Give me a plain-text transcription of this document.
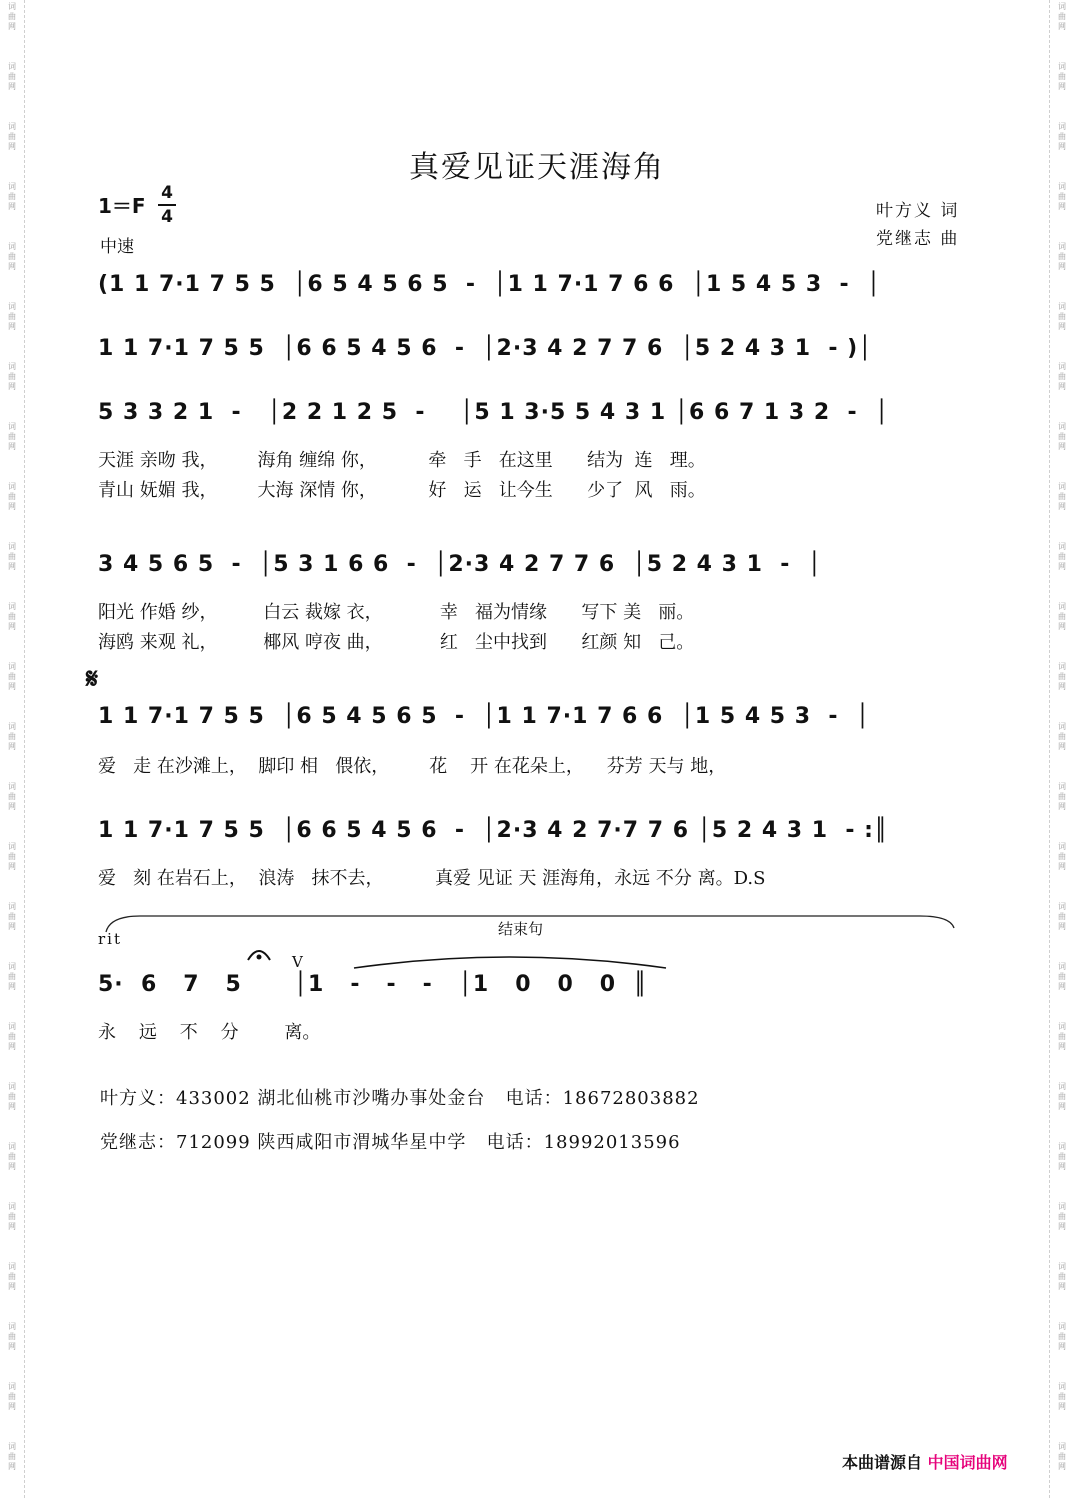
词
曲
网
词
曲
网
词
曲
网
词
曲
网
词
曲
网
词
曲
网
词
曲
网
词
曲
网
词
曲
网
词
曲
网
词
曲
网
词
曲
网
词
曲
网
词
曲
网
词
曲
网
词
曲
网
词
曲
网
词
曲
网
词
曲
网
词
曲
网
词
曲
网
词
曲
网
词
曲
网
词
曲
网
词
曲
网
词
曲
网
词
曲
网
词
曲
网
词
曲
网
词
曲
网
词
曲
网
词
曲
网
词
曲
网
词
曲
网
词
曲
网
词
曲
网
词
曲
网
词
曲
网
词
曲
网
词
曲
网
词
曲
网
词
曲
网
词
曲
网
词
曲
网
词
曲
网
词
曲
网
词
曲
网
词
曲
网
词
曲
网
词
曲
网
真爱见证天涯海角
叶方义 词
党继志 曲
1＝F
4
4
中速
(1 1 7·1 7 5 5  │6 5 4 5 6 5  -  │1 1 7·1 7 6 6  │1 5 4 5 3  -  │
1 1 7·1 7 5 5  │6 6 5 4 5 6  -  │2·3 4 2 7 7 6  │5 2 4 3 1  - )│
5 3 3 2 1  -   │2 2 1 2 5  -    │5 1 3·5 5 4 3 1 │6 6 7 1 3 2  -  │
天涯 亲吻 我，       海角 缠绵 你，         牵   手   在这里      结为  连   理。
青山 妩媚 我，       大海 深情 你，         好   运   让今生      少了  风   雨。
3 4 5 6 5  -  │5 3 1 6 6  -  │2·3 4 2 7 7 6  │5 2 4 3 1  -  │
阳光 作婚 纱，        白云 裁嫁 衣，          幸   福为情缘      写下 美   丽。
海鸥 来观 礼，        椰风 哼夜 曲，          红   尘中找到      红颜 知   己。
𝄋
1 1 7·1 7 5 5  │6 5 4 5 6 5  -  │1 1 7·1 7 6 6  │1 5 4 5 3  -  │
爱   走 在沙滩上，  脚印 相   偎依，       花    开 在花朵上，    芬芳 天与 地，
1 1 7·1 7 5 5  │6 6 5 4 5 6  -  │2·3 4 2 7·7 7 6 │5 2 4 3 1  - :║
爱   刻 在岩石上，  浪涛   抹不去，         真爱 见证 天 涯海角，永远 不分 离。D.S
rit
结束句
V
5·  6   7   5      │1   -   -   -   │1   0   0   0  ║
永    远    不    分        离。
叶方义：433002 湖北仙桃市沙嘴办事处金台   电话：18672803882
党继志：712099 陕西咸阳市渭城华星中学   电话：18992013596
本曲谱源自 中国词曲网
